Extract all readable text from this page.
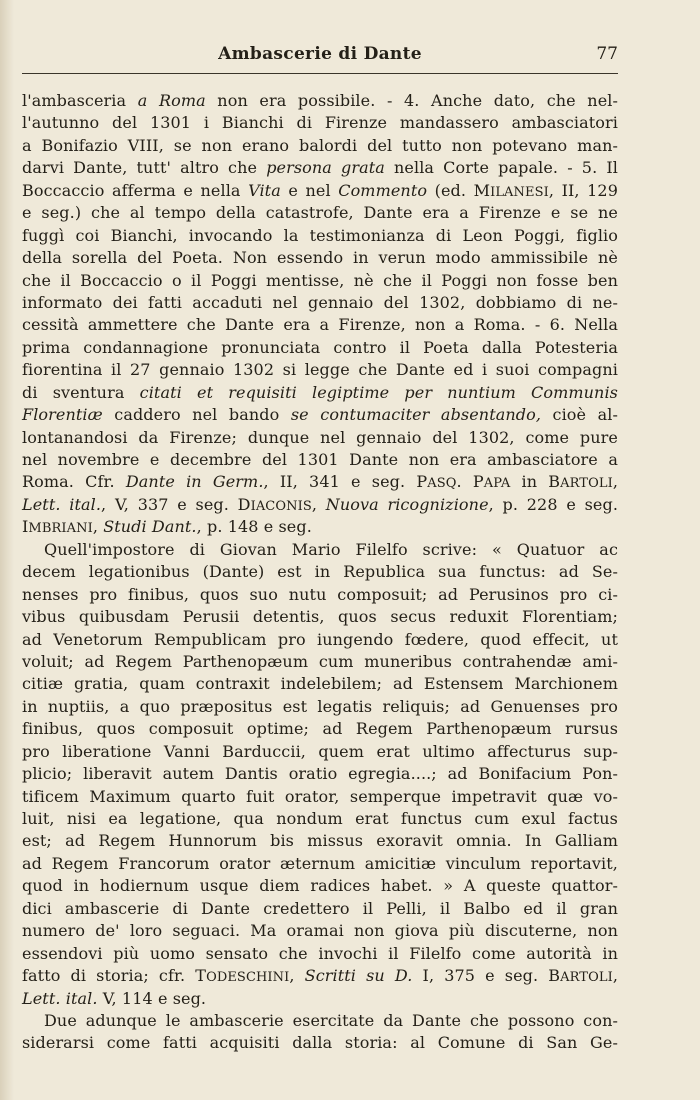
Ambascerie di Dante	77
l'ambasceria a Roma non era possibile. - 4. Anche dato, che nel-
l'autunno del 1301 i Bianchi di Firenze mandassero ambasciatori
a Bonifazio VIII, se non erano balordi del tutto non potevano man-
darvi Dante, tutt' altro che persona grata nella Corte papale. - 5. Il
Boccaccio afferma e nella Vita e nel Commento (ed. MILANESI, II, 129
e seg.) che al tempo della catastrofe, Dante era a Firenze e se ne
fuggì coi Bianchi, invocando la testimonianza di Leon Poggi, figlio
della sorella del Poeta. Non essendo in verun modo ammissibile nè
che il Boccaccio o il Poggi mentisse, nè che il Poggi non fosse ben
informato dei fatti accaduti nel gennaio del 1302, dobbiamo di ne-
cessità ammettere che Dante era a Firenze, non a Roma. - 6. Nella
prima condannagione pronunciata contro il Poeta dalla Potesteria
fiorentina il 27 gennaio 1302 si legge che Dante ed i suoi compagni
di sventura citati et requisiti legiptime per nuntium Communis
Florentiæ caddero nel bando se contumaciter absentando, cioè al-
lontanandosi da Firenze; dunque nel gennaio del 1302, come pure
nel novembre e decembre del 1301 Dante non era ambasciatore a
Roma. Cfr. Dante in Germ., II, 341 e seg. PASQ. PAPA in BARTOLI,
Lett. ital., V, 337 e seg. DIACONIS, Nuova ricognizione, p. 228 e seg.
IMBRIANI, Studi Dant., p. 148 e seg.
Quell'impostore di Giovan Mario Filelfo scrive: « Quatuor ac
decem legationibus (Dante) est in Republica sua functus: ad Se-
nenses pro finibus, quos suo nutu composuit; ad Perusinos pro ci-
vibus quibusdam Perusii detentis, quos secus reduxit Florentiam;
ad Venetorum Rempublicam pro iungendo fœdere, quod effecit, ut
voluit; ad Regem Parthenopæum cum muneribus contrahendæ ami-
citiæ gratia, quam contraxit indelebilem; ad Estensem Marchionem
in nuptiis, a quo præpositus est legatis reliquis; ad Genuenses pro
finibus, quos composuit optime; ad Regem Parthenopæum rursus
pro liberatione Vanni Barduccii, quem erat ultimo affecturus sup-
plicio; liberavit autem Dantis oratio egregia....; ad Bonifacium Pon-
tificem Maximum quarto fuit orator, semperque impetravit quæ vo-
luit, nisi ea legatione, qua nondum erat functus cum exul factus
est; ad Regem Hunnorum bis missus exoravit omnia. In Galliam
ad Regem Francorum orator æternum amicitiæ vinculum reportavit,
quod in hodiernum usque diem radices habet. » A queste quattor-
dici ambascerie di Dante credettero il Pelli, il Balbo ed il gran
numero de' loro seguaci. Ma oramai non giova più discuterne, non
essendovi più uomo sensato che invochi il Filelfo come autorità in
fatto di storia; cfr. TODESCHINI, Scritti su D. I, 375 e seg. BARTOLI,
Lett. ital. V, 114 e seg.
Due adunque le ambascerie esercitate da Dante che possono con-
siderarsi come fatti acquisiti dalla storia: al Comune di San Ge-
